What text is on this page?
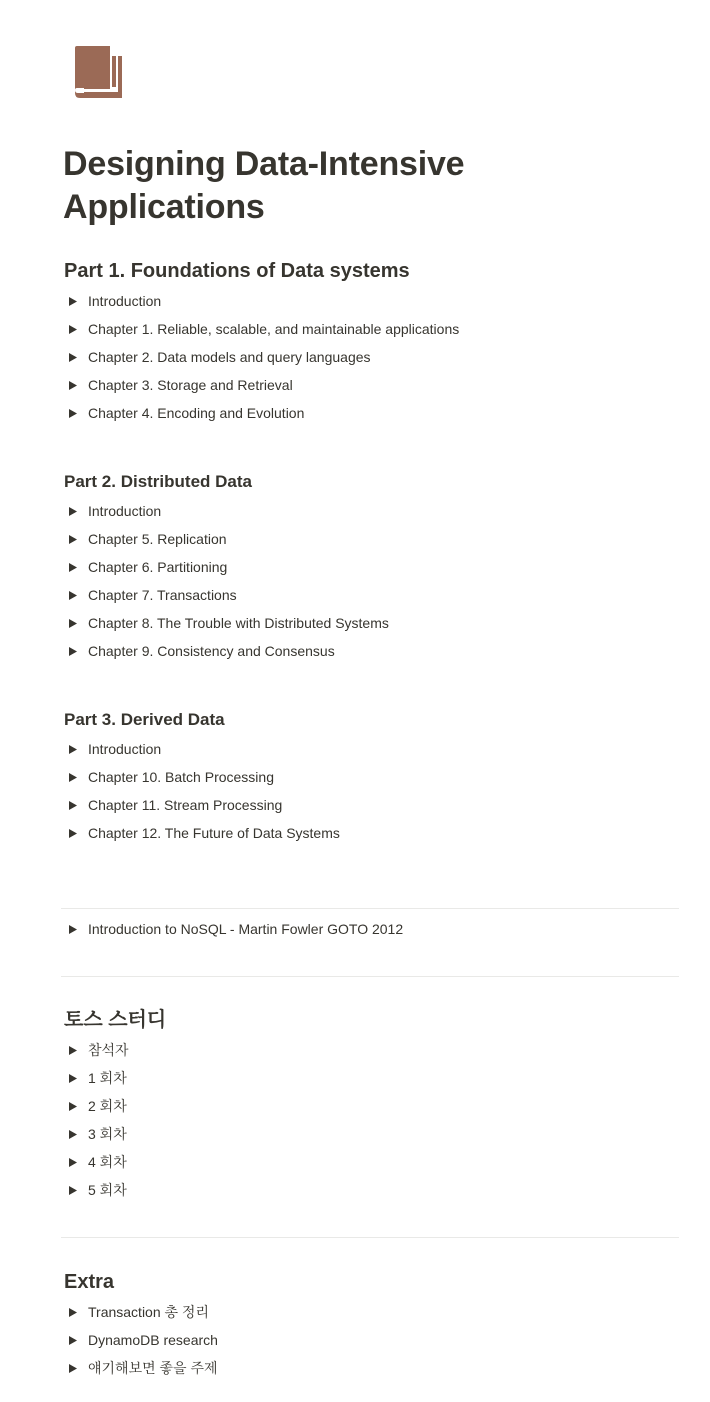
Designing Data-Intensive Applications
Part 1. Foundations of Data systems
Introduction
Chapter 1. Reliable, scalable, and maintainable applications
Chapter 2. Data models and query languages
Chapter 3. Storage and Retrieval
Chapter 4. Encoding and Evolution
Part 2. Distributed Data
Introduction
Chapter 5. Replication
Chapter 6. Partitioning
Chapter 7. Transactions
Chapter 8. The Trouble with Distributed Systems
Chapter 9. Consistency and Consensus
Part 3. Derived Data
Introduction
Chapter 10. Batch Processing
Chapter 11. Stream Processing
Chapter 12. The Future of Data Systems
Introduction to NoSQL - Martin Fowler GOTO 2012
토스 스터디
참석자
1 회차
2 회차
3 회차
4 회차
5 회차
Extra
Transaction 총 정리
DynamoDB research
얘기해보면 좋을 주제
